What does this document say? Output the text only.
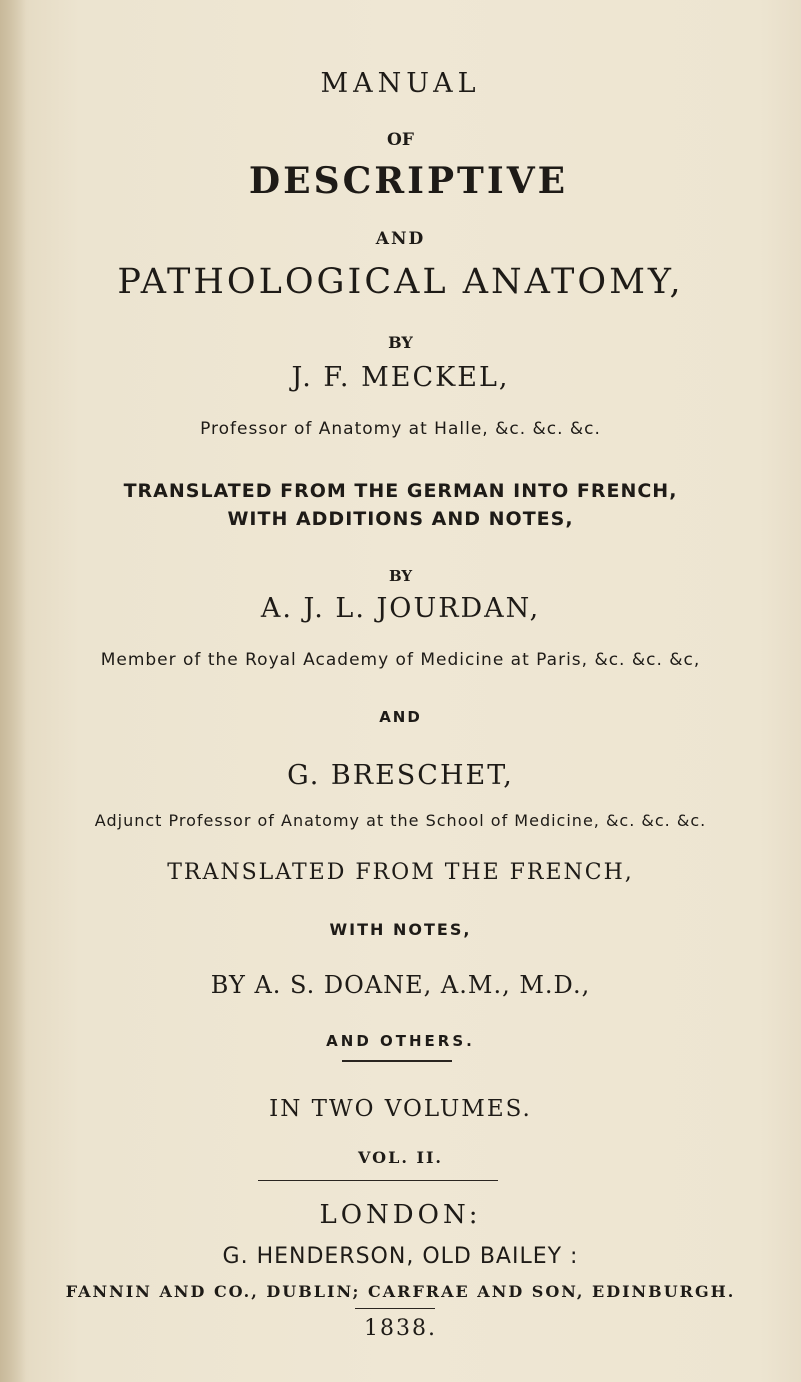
MANUAL
OF
DESCRIPTIVE
AND
PATHOLOGICAL ANATOMY,
BY
J. F. MECKEL,
Professor of Anatomy at Halle, &c. &c. &c.
TRANSLATED FROM THE GERMAN INTO FRENCH,
WITH ADDITIONS AND NOTES,
BY
A. J. L. JOURDAN,
Member of the Royal Academy of Medicine at Paris, &c. &c. &c,
AND
G. BRESCHET,
Adjunct Professor of Anatomy at the School of Medicine, &c. &c. &c.
TRANSLATED FROM THE FRENCH,
WITH NOTES,
BY A. S. DOANE, A.M., M.D.,
AND OTHERS.
IN TWO VOLUMES.
VOL. II.
LONDON:
G. HENDERSON, OLD BAILEY :
FANNIN AND CO., DUBLIN; CARFRAE AND SON, EDINBURGH.
1838.
